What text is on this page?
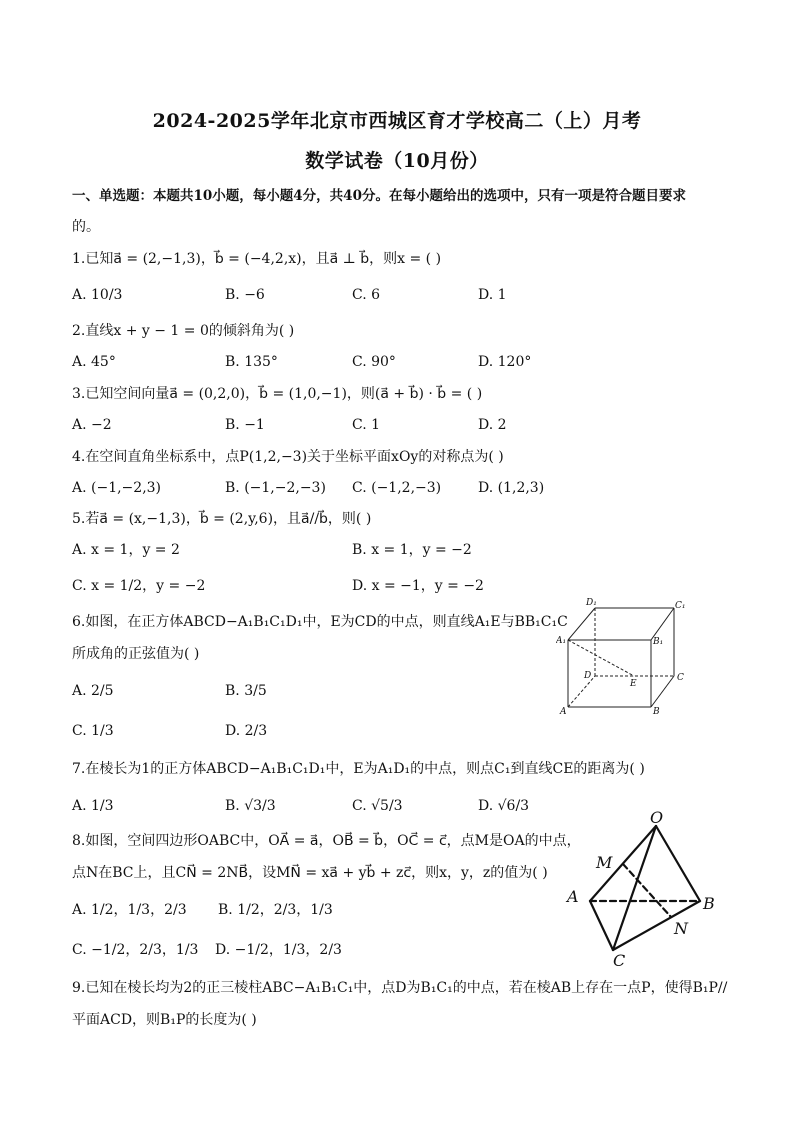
2024-2025学年北京市西城区育才学校高二（上）月考
数学试卷（10月份）
一、单选题：本题共10小题，每小题4分，共40分。在每小题给出的选项中，只有一项是符合题目要求
的。
1.已知a⃗ = (2,−1,3)，b⃗ = (−4,2,x)，且a⃗ ⊥ b⃗，则x = ( )
A. 10/3	B. −6	C. 6	D. 1
2.直线x + y − 1 = 0的倾斜角为( )
A. 45°	B. 135°	C. 90°	D. 120°
3.已知空间向量a⃗ = (0,2,0)，b⃗ = (1,0,−1)，则(a⃗ + b⃗) · b⃗ = ( )
A. −2	B. −1	C. 1	D. 2
4.在空间直角坐标系中，点P(1,2,−3)关于坐标平面xOy的对称点为( )
A. (−1,−2,3)	B. (−1,−2,−3) C. (−1,2,−3)	D. (1,2,3)
5.若a⃗ = (x,−1,3)，b⃗ = (2,y,6)，且a⃗//b⃗，则( )
A. x = 1，y = 2	B. x = 1，y = −2
C. x = 1/2，y = −2	D. x = −1，y = −2
6.如图，在正方体ABCD−A₁B₁C₁D₁中，E为CD的中点，则直线A₁E与BB₁C₁C
所成角的正弦值为( )
A. 2/5	B. 3/5
C. 1/3	D. 2/3
D₁	C₁
A₁	B₁
D
E
C
A	B
7.在棱长为1的正方体ABCD−A₁B₁C₁D₁中，E为A₁D₁的中点，则点C₁到直线CE的距离为( )
A. 1/3	B. √3/3	C. √5/3	D. √6/3
8.如图，空间四边形OABC中，OA⃗ = a⃗，OB⃗ = b⃗，OC⃗ = c⃗，点M是OA的中点，
点N在BC上，且CN⃗ = 2NB⃗，设MN⃗ = xa⃗ + yb⃗ + zc⃗，则x，y，z的值为( )
A. 1/2，1/3，2/3 B. 1/2，2/3，1/3
C. −1/2，2/3，1/3 D. −1/2，1/3，2/3
O
M
A	B
N
C
9.已知在棱长均为2的正三棱柱ABC−A₁B₁C₁中，点D为B₁C₁的中点，若在棱AB上存在一点P，使得B₁P//
平面ACD，则B₁P的长度为( )
